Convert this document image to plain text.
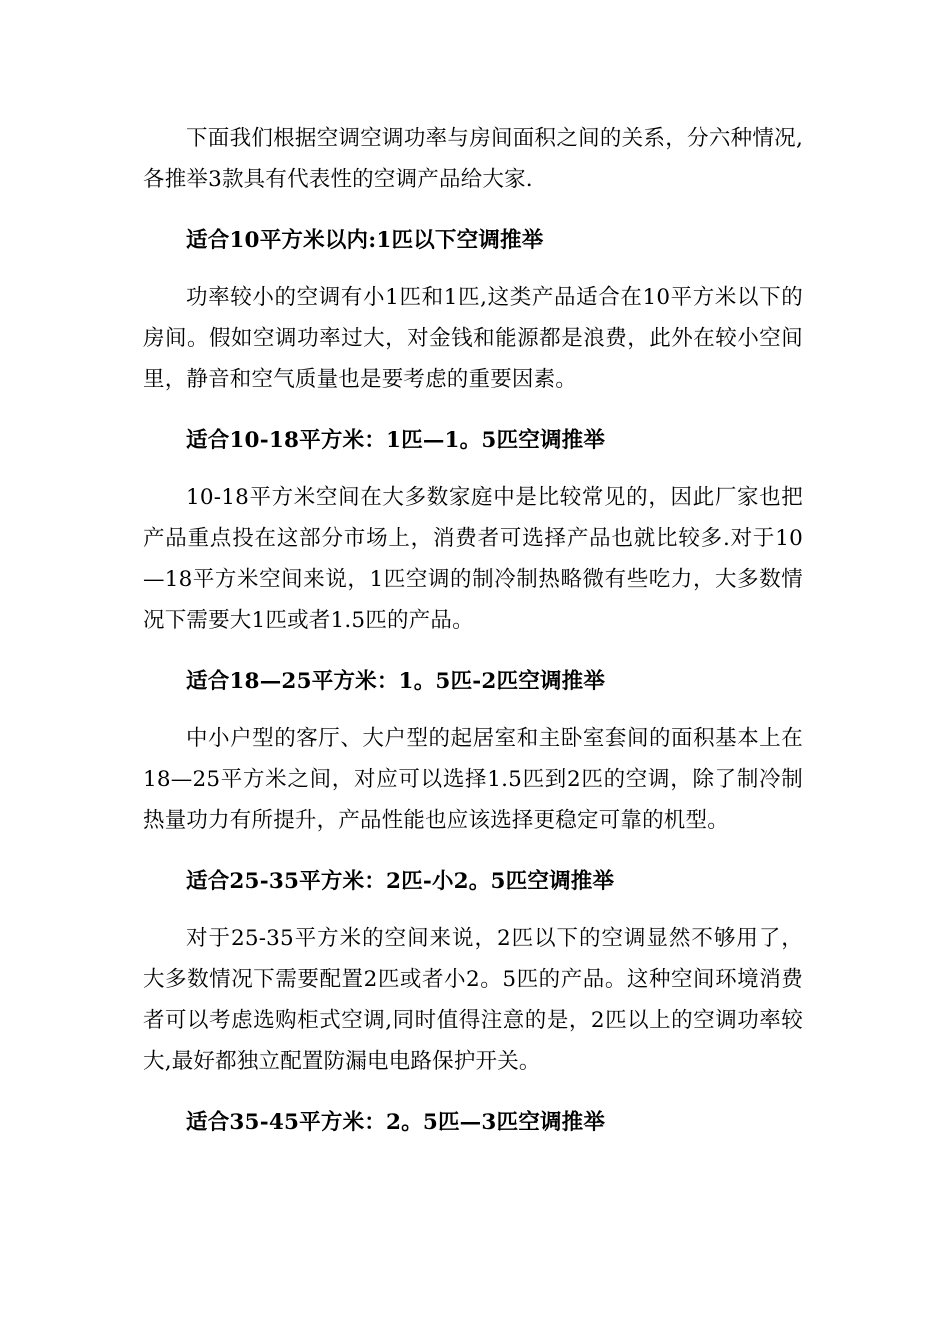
下面我们根据空调空调功率与房间面积之间的关系，分六种情况,各推举3款具有代表性的空调产品给大家.

适合10平方米以内:1匹以下空调推举

功率较小的空调有小1匹和1匹,这类产品适合在10平方米以下的房间。假如空调功率过大，对金钱和能源都是浪费，此外在较小空间里，静音和空气质量也是要考虑的重要因素。

适合10-18平方米：1匹—1。5匹空调推举

10-18平方米空间在大多数家庭中是比较常见的，因此厂家也把产品重点投在这部分市场上，消费者可选择产品也就比较多.对于10—18平方米空间来说，1匹空调的制冷制热略微有些吃力，大多数情况下需要大1匹或者1.5匹的产品。

适合18—25平方米：1。5匹-2匹空调推举

中小户型的客厅、大户型的起居室和主卧室套间的面积基本上在18—25平方米之间，对应可以选择1.5匹到2匹的空调，除了制冷制热量功力有所提升，产品性能也应该选择更稳定可靠的机型。

适合25-35平方米：2匹-小2。5匹空调推举

对于25-35平方米的空间来说，2匹以下的空调显然不够用了，大多数情况下需要配置2匹或者小2。5匹的产品。这种空间环境消费者可以考虑选购柜式空调,同时值得注意的是，2匹以上的空调功率较大,最好都独立配置防漏电电路保护开关。

适合35-45平方米：2。5匹—3匹空调推举
